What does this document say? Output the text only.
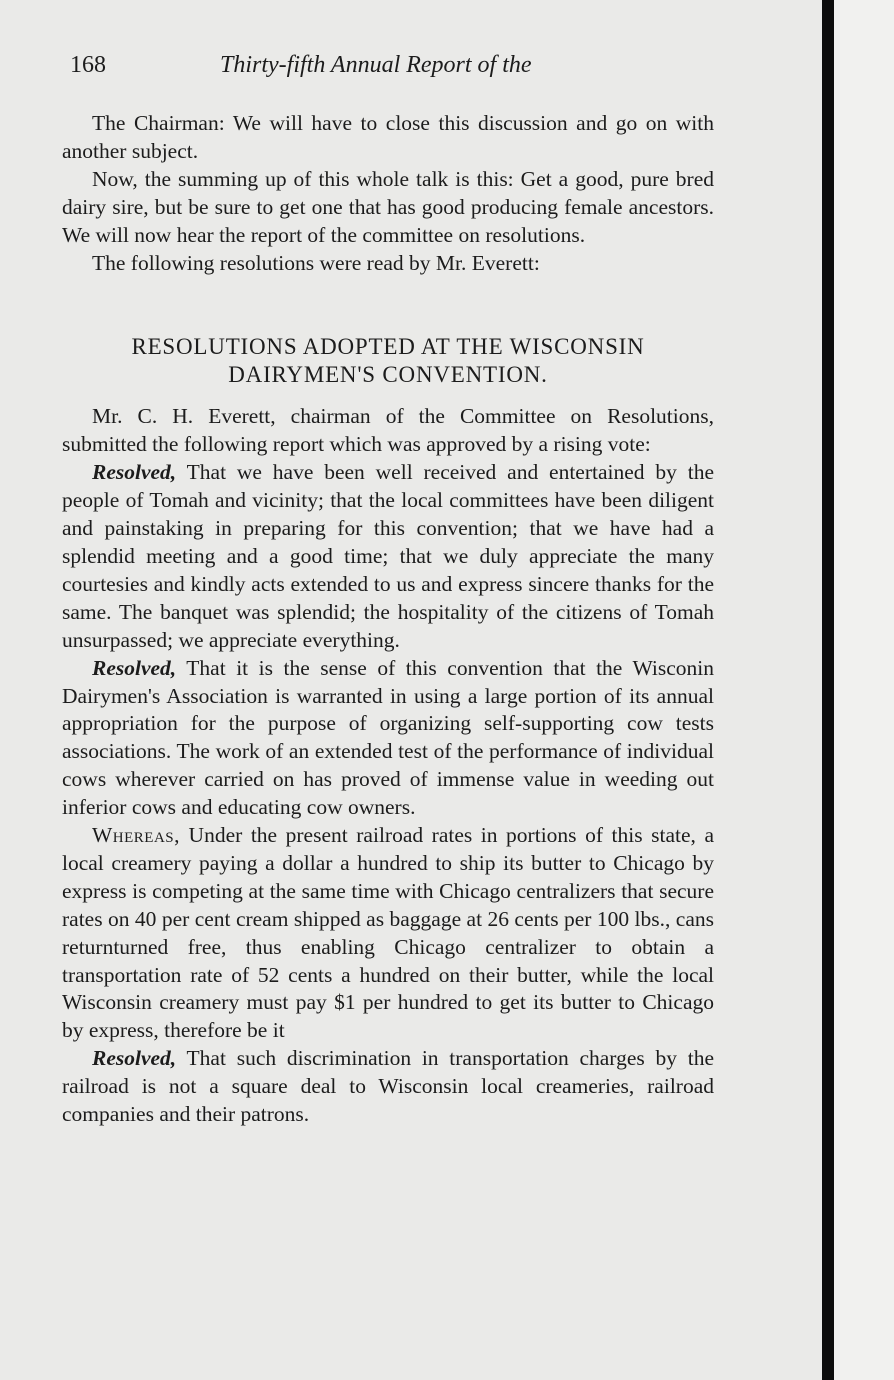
168	Thirty-fifth Annual Report of the

The Chairman: We will have to close this discussion and go on with another subject.

Now, the summing up of this whole talk is this: Get a good, pure bred dairy sire, but be sure to get one that has good producing female ancestors. We will now hear the report of the committee on resolutions.

The following resolutions were read by Mr. Everett:

RESOLUTIONS ADOPTED AT THE WISCONSIN
DAIRYMEN'S CONVENTION.

Mr. C. H. Everett, chairman of the Committee on Resolutions, submitted the following report which was approved by a rising vote:

Resolved, That we have been well received and entertained by the people of Tomah and vicinity; that the local committees have been diligent and painstaking in preparing for this convention; that we have had a splendid meeting and a good time; that we duly appreciate the many courtesies and kindly acts extended to us and express sincere thanks for the same. The banquet was splendid; the hospitality of the citizens of Tomah unsurpassed; we appreciate everything.

Resolved, That it is the sense of this convention that the Wisconin Dairymen's Association is warranted in using a large portion of its annual appropriation for the purpose of organizing self-supporting cow tests associations. The work of an extended test of the performance of individual cows wherever carried on has proved of immense value in weeding out inferior cows and educating cow owners.

Whereas, Under the present railroad rates in portions of this state, a local creamery paying a dollar a hundred to ship its butter to Chicago by express is competing at the same time with Chicago centralizers that secure rates on 40 per cent cream shipped as baggage at 26 cents per 100 lbs., cans returnturned free, thus enabling Chicago centralizer to obtain a transportation rate of 52 cents a hundred on their butter, while the local Wisconsin creamery must pay $1 per hundred to get its butter to Chicago by express, therefore be it

Resolved, That such discrimination in transportation charges by the railroad is not a square deal to Wisconsin local creameries, railroad companies and their patrons.
